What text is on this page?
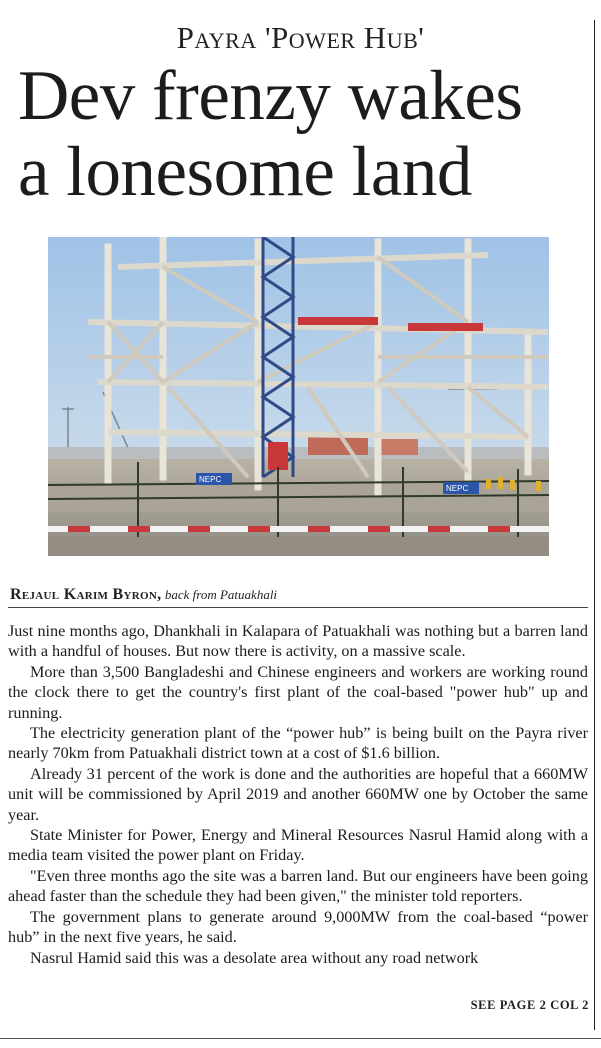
Payra 'Power Hub'
Dev frenzy wakes
a lonesome land
NEPC
NEPC
Rejaul Karim Byron, back from Patuakhali

Just nine months ago, Dhankhali in Kalapara of Patuakhali was nothing but a barren land with a handful of houses. But now there is activity, on a massive scale.

More than 3,500 Bangladeshi and Chinese engineers and workers are working round the clock there to get the country's first plant of the coal-based "power hub" up and running.

The electricity generation plant of the “power hub” is being built on the Payra river nearly 70km from Patuakhali district town at a cost of $1.6 billion.

Already 31 percent of the work is done and the authorities are hopeful that a 660MW unit will be commissioned by April 2019 and another 660MW one by October the same year.

State Minister for Power, Energy and Mineral Resources Nasrul Hamid along with a media team visited the power plant on Friday.

"Even three months ago the site was a barren land. But our engineers have been going ahead faster than the schedule they had been given," the minister told reporters.

The government plans to generate around 9,000MW from the coal-based “power hub” in the next five years, he said.

Nasrul Hamid said this was a desolate area without any road network

SEE PAGE 2 COL 2
